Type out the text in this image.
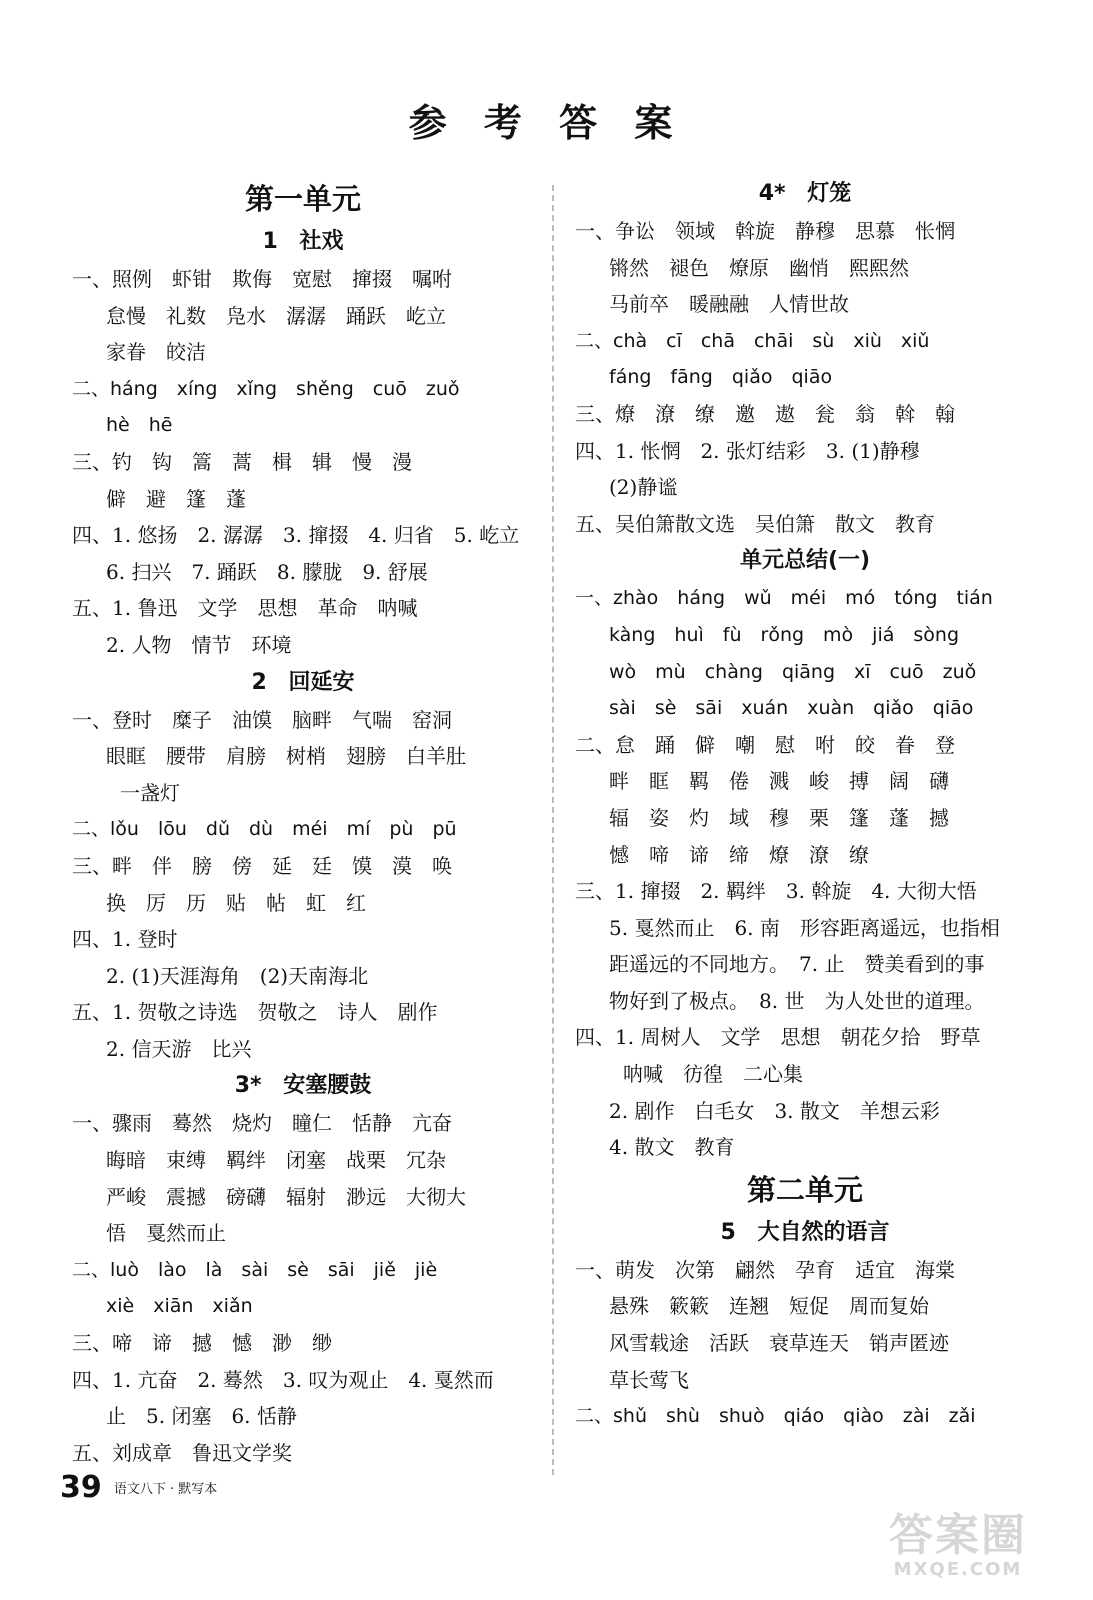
参 考 答 案
第一单元
1 社戏
一、照例　虾钳　欺侮　宽慰　撺掇　嘱咐
怠慢　礼数　凫水　潺潺　踊跃　屹立
家眷　皎洁
二、háng　xíng　xǐng　shěng　cuō　zuǒ
hè　hē
三、钓　钩　篙　蒿　楫　辑　慢　漫
僻　避　篷　蓬
四、1. 悠扬　2. 潺潺　3. 撺掇　4. 归省　5. 屹立
6. 扫兴　7. 踊跃　8. 朦胧　9. 舒展
五、1. 鲁迅　文学　思想　革命　呐喊
2. 人物　情节　环境
2 回延安
一、登时　糜子　油馍　脑畔　气喘　窑洞
眼眶　腰带　肩膀　树梢　翅膀　白羊肚
一盏灯
二、lǒu　lōu　dǔ　dù　méi　mí　pù　pū
三、畔　伴　膀　傍　延　廷　馍　漠　唤
换　厉　历　贴　帖　虹　红
四、1. 登时
2. (1)天涯海角　(2)天南海北
五、1. 贺敬之诗选　贺敬之　诗人　剧作
2. 信天游　比兴
3* 安塞腰鼓
一、骤雨　蓦然　烧灼　瞳仁　恬静　亢奋
晦暗　束缚　羁绊　闭塞　战栗　冗杂
严峻　震撼　磅礴　辐射　渺远　大彻大
悟　戛然而止
二、luò　lào　là　sài　sè　sāi　jiě　jiè
xiè　xiān　xiǎn
三、啼　谛　撼　憾　渺　缈
四、1. 亢奋　2. 蓦然　3. 叹为观止　4. 戛然而
止　5. 闭塞　6. 恬静
五、刘成章　鲁迅文学奖
4* 灯笼
一、争讼　领域　斡旋　静穆　思慕　怅惘
锵然　褪色　燎原　幽悄　熙熙然
马前卒　暖融融　人情世故
二、chà　cī　chā　chāi　sù　xiù　xiǔ
fáng　fāng　qiǎo　qiāo
三、燎　潦　缭　邀　遨　瓮　翁　斡　翰
四、1. 怅惘　2. 张灯结彩　3. (1)静穆
(2)静谧
五、吴伯箫散文选　吴伯箫　散文　教育
单元总结(一)
一、zhào　háng　wǔ　méi　mó　tóng　tián
kàng　huì　fù　rǒng　mò　jiá　sòng
wò　mù　chàng　qiāng　xī　cuō　zuǒ
sài　sè　sāi　xuán　xuàn　qiǎo　qiāo
二、怠　踊　僻　嘲　慰　咐　皎　眷　登
畔　眶　羁　倦　溅　峻　搏　阔　礴
辐　姿　灼　域　穆　栗　篷　蓬　撼
憾　啼　谛　缔　燎　潦　缭
三、1. 撺掇　2. 羁绊　3. 斡旋　4. 大彻大悟
5. 戛然而止　6. 南　形容距离遥远，也指相
距遥远的不同地方。　7. 止　赞美看到的事
物好到了极点。　8. 世　为人处世的道理。
四、1. 周树人　文学　思想　朝花夕拾　野草
呐喊　彷徨　二心集
2. 剧作　白毛女　3. 散文　羊想云彩
4. 散文　教育
第二单元
5 大自然的语言
一、萌发　次第　翩然　孕育　适宜　海棠
悬殊　簌簌　连翘　短促　周而复始
风雪载途　活跃　衰草连天　销声匿迹
草长莺飞
二、shǔ　shù　shuò　qiáo　qiào　zài　zǎi
39 语文八下 · 默写本
答案圈
MXQE.COM
